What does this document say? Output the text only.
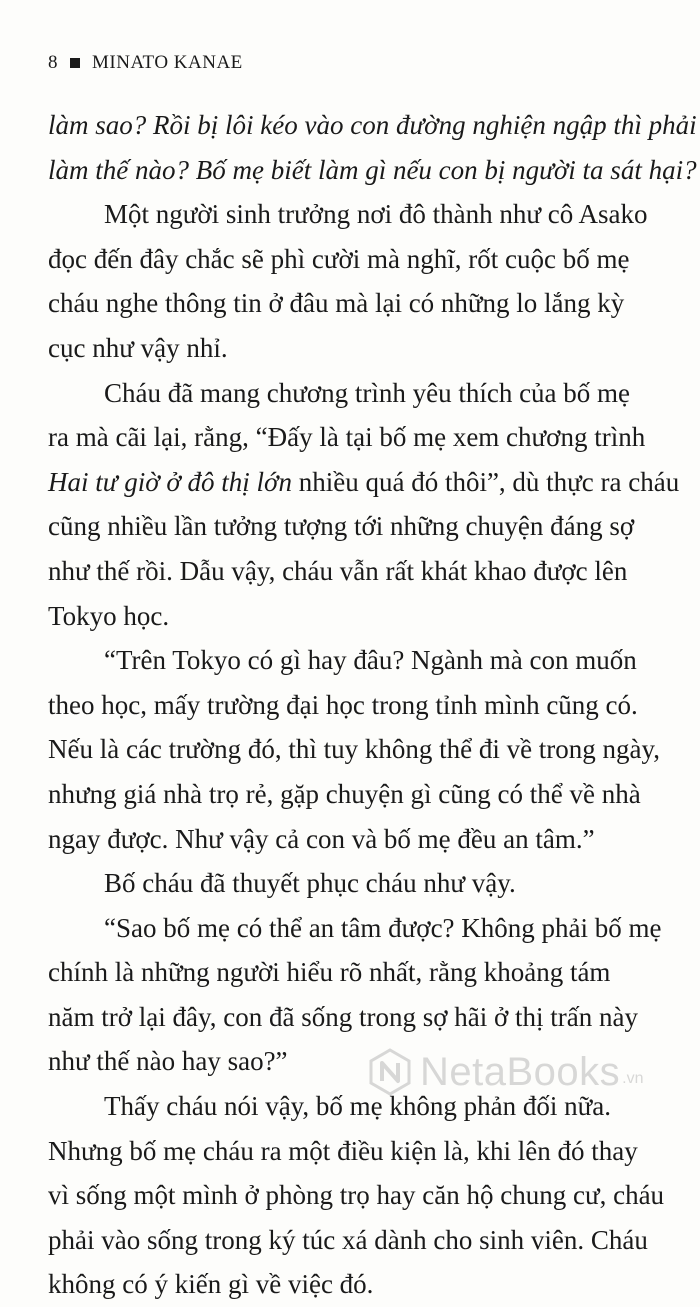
8 MINATO KANAE
làm sao? Rồi bị lôi kéo vào con đường nghiện ngập thì phải
làm thế nào? Bố mẹ biết làm gì nếu con bị người ta sát hại?
Một người sinh trưởng nơi đô thành như cô Asako
đọc đến đây chắc sẽ phì cười mà nghĩ, rốt cuộc bố mẹ
cháu nghe thông tin ở đâu mà lại có những lo lắng kỳ
cục như vậy nhỉ.
Cháu đã mang chương trình yêu thích của bố mẹ
ra mà cãi lại, rằng, “Đấy là tại bố mẹ xem chương trình
Hai tư giờ ở đô thị lớn nhiều quá đó thôi”, dù thực ra cháu
cũng nhiều lần tưởng tượng tới những chuyện đáng sợ
như thế rồi. Dẫu vậy, cháu vẫn rất khát khao được lên
Tokyo học.
“Trên Tokyo có gì hay đâu? Ngành mà con muốn
theo học, mấy trường đại học trong tỉnh mình cũng có.
Nếu là các trường đó, thì tuy không thể đi về trong ngày,
nhưng giá nhà trọ rẻ, gặp chuyện gì cũng có thể về nhà
ngay được. Như vậy cả con và bố mẹ đều an tâm.”
Bố cháu đã thuyết phục cháu như vậy.
“Sao bố mẹ có thể an tâm được? Không phải bố mẹ
chính là những người hiểu rõ nhất, rằng khoảng tám
năm trở lại đây, con đã sống trong sợ hãi ở thị trấn này
như thế nào hay sao?”
Thấy cháu nói vậy, bố mẹ không phản đối nữa.
Nhưng bố mẹ cháu ra một điều kiện là, khi lên đó thay
vì sống một mình ở phòng trọ hay căn hộ chung cư, cháu
phải vào sống trong ký túc xá dành cho sinh viên. Cháu
không có ý kiến gì về việc đó.
NetaBooks .vn
